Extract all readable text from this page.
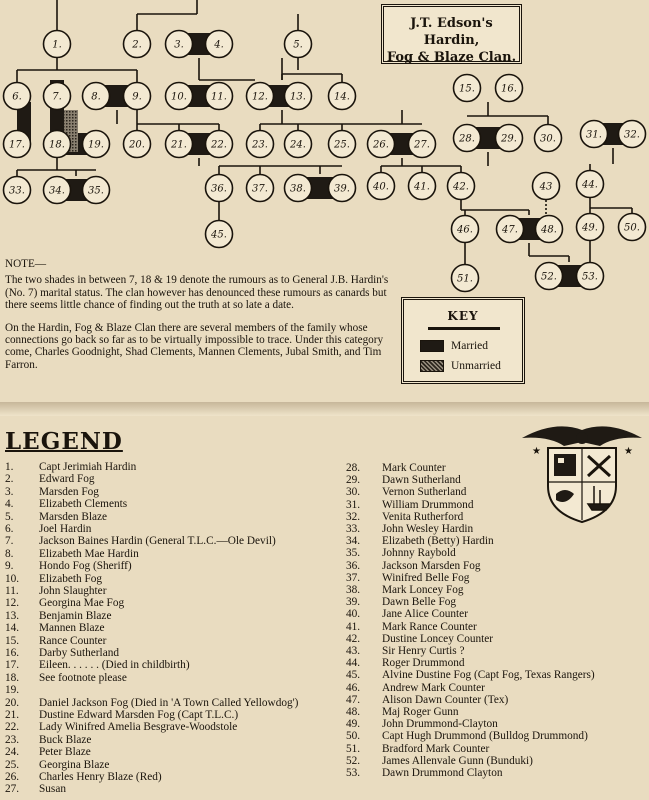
1.	2.	3.	4.	5.
6.	7.	8.	9.	10. 11.	12. 13.	14.
15.	16.
17. 18. 19.	20.	21. 22.	23. 24.	25. 26.	27.
28.	29. 30.	31. 32.
33. 34. 35.	36.	37. 38.	39. 40.	41. 42.	43	44.
45.	46.	47. 48.	49.	50.
51.	52.	53.
J.T. Edson's Hardin,
Fog & Blaze Clan.

NOTE—

The two shades in between 7, 18 & 19 denote the rumours as to General J.B. Hardin's (No. 7) marital status. The clan however has denounced these rumours as canards but there seems little chance of finding out the truth at so late a date.

On the Hardin, Fog & Blaze Clan there are several members of the family whose connections go back so far as to be virtually impossible to trace. Under this category come, Charles Goodnight, Shad Clements, Mannen Clements, Jubal Smith, and Tim Farron.

KEY
Married
Unmarried
LEGEND
1. Capt Jerimiah Hardin
2. Edward Fog
3. Marsden Fog
4. Elizabeth Clements
5. Marsden Blaze
6. Joel Hardin
7. Jackson Baines Hardin (General T.L.C.—Ole Devil)
8. Elizabeth Mae Hardin
9. Hondo Fog (Sheriff)
10. Elizabeth Fog
11. John Slaughter
12. Georgina Mae Fog
13. Benjamin Blaze
14. Mannen Blaze
15. Rance Counter
16. Darby Sutherland
17. Eileen. . . . . . (Died in childbirth)
18. See footnote please
19.
20. Daniel Jackson Fog (Died in 'A Town Called Yellowdog')
21. Dustine Edward Marsden Fog (Capt T.L.C.)
22. Lady Winifred Amelia Besgrave-Woodstole
23. Buck Blaze
24. Peter Blaze
25. Georgina Blaze
26. Charles Henry Blaze (Red)
27. Susan
28. Mark Counter
29. Dawn Sutherland
30. Vernon Sutherland
31. William Drummond
32. Venita Rutherford
33. John Wesley Hardin
34. Elizabeth (Betty) Hardin
35. Johnny Raybold
36. Jackson Marsden Fog
37. Winifred Belle Fog
38. Mark Loncey Fog
39. Dawn Belle Fog
40. Jane Alice Counter
41. Mark Rance Counter
42. Dustine Loncey Counter
43. Sir Henry Curtis ?
44. Roger Drummond
45. Alvine Dustine Fog (Capt Fog, Texas Rangers)
46. Andrew Mark Counter
47. Alison Dawn Counter (Tex)
48. Maj Roger Gunn
49. John Drummond-Clayton
50. Capt Hugh Drummond (Bulldog Drummond)
51. Bradford Mark Counter
52. James Allenvale Gunn (Bunduki)
53. Dawn Drummond Clayton
★	★
